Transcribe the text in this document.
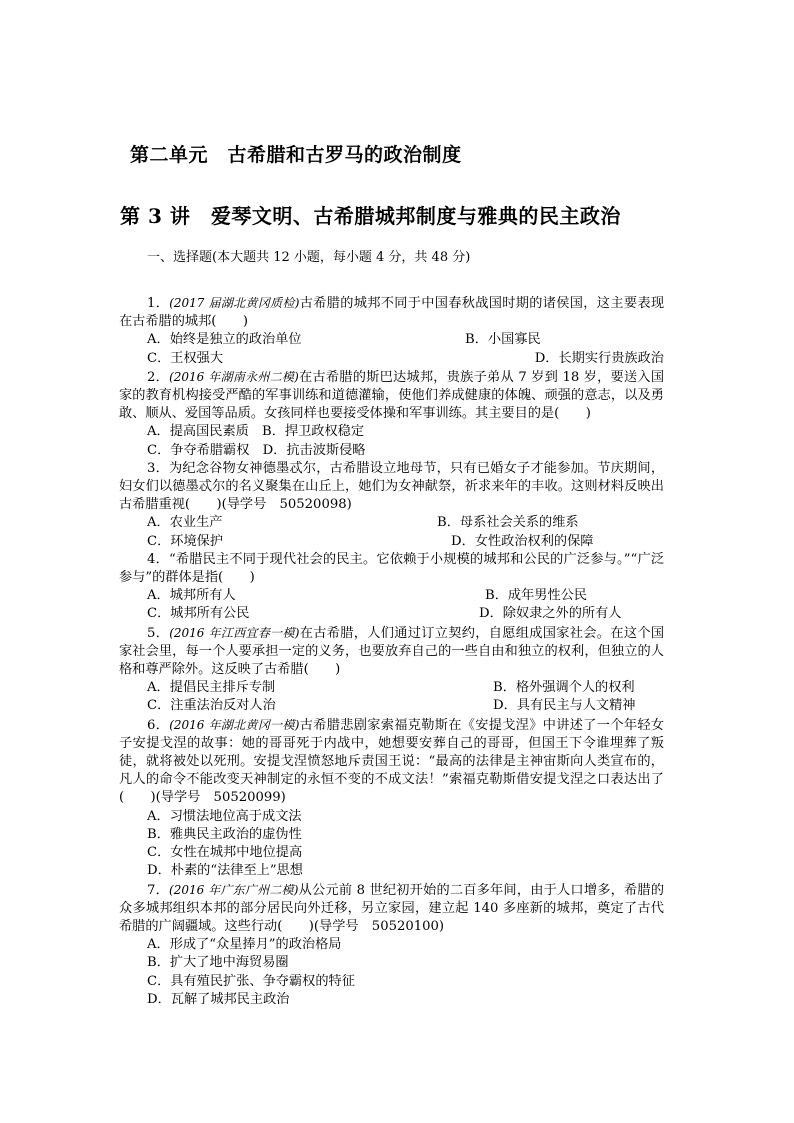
第二单元　古希腊和古罗马的政治制度
第 3 讲　爱琴文明、古希腊城邦制度与雅典的民主政治
一、选择题(本大题共 12 小题，每小题 4 分，共 48 分)

1．(2017 届湖北黄冈质检)古希腊的城邦不同于中国春秋战国时期的诸侯国，这主要表现在古希腊的城邦(　　)

A．始终是独立的政治单位	B．小国寡民
C．王权强大	D．长期实行贵族政治

2．(2016 年湖南永州二模)在古希腊的斯巴达城邦，贵族子弟从 7 岁到 18 岁，要送入国家的教育机构接受严酷的军事训练和道德灌输，使他们养成健康的体魄、顽强的意志，以及勇敢、顺从、爱国等品质。女孩同样也要接受体操和军事训练。其主要目的是(　　)

A．提高国民素质　 B．捍卫政权稳定
C．争夺希腊霸权　 D．抗击波斯侵略

3．为纪念谷物女神德墨忒尔，古希腊设立地母节，只有已婚女子才能参加。节庆期间，妇女们以德墨忒尔的名义聚集在山丘上，她们为女神献祭，祈求来年的丰收。这则材料反映出古希腊重视(　　)(导学号　50520098)

A．农业生产	B．母系社会关系的维系
C．环境保护	D．女性政治权利的保障

4．“希腊民主不同于现代社会的民主。它依赖于小规模的城邦和公民的广泛参与。”“广泛参与”的群体是指(　　)

A．城邦所有人	B．成年男性公民
C．城邦所有公民	D．除奴隶之外的所有人

5．(2016 年江西宜春一模)在古希腊，人们通过订立契约，自愿组成国家社会。在这个国家社会里，每一个人要承担一定的义务，也要放弃自己的一些自由和独立的权利，但独立的人格和尊严除外。这反映了古希腊(　　)

A．提倡民主排斥专制	B．格外强调个人的权利
C．注重法治反对人治	D．具有民主与人文精神

6．(2016 年湖北黄冈一模)古希腊悲剧家索福克勒斯在《安提戈涅》中讲述了一个年轻女子安提戈涅的故事：她的哥哥死于内战中，她想要安葬自己的哥哥，但国王下令谁埋葬了叛徒，就将被处以死刑。安提戈涅愤怒地斥责国王说：“最高的法律是主神宙斯向人类宣布的，凡人的命令不能改变天神制定的永恒不变的不成文法！”索福克勒斯借安提戈涅之口表达出了(　　)(导学号　50520099)

A．习惯法地位高于成文法
B．雅典民主政治的虚伪性
C．女性在城邦中地位提高
D．朴素的“法律至上”思想

7．(2016 年广东广州二模)从公元前 8 世纪初开始的二百多年间，由于人口增多，希腊的众多城邦组织本邦的部分居民向外迁移，另立家园，建立起 140 多座新的城邦，奠定了古代希腊的广阔疆域。这些行动(　　)(导学号　50520100)

A．形成了“众星捧月”的政治格局
B．扩大了地中海贸易圈
C．具有殖民扩张、争夺霸权的特征
D．瓦解了城邦民主政治
